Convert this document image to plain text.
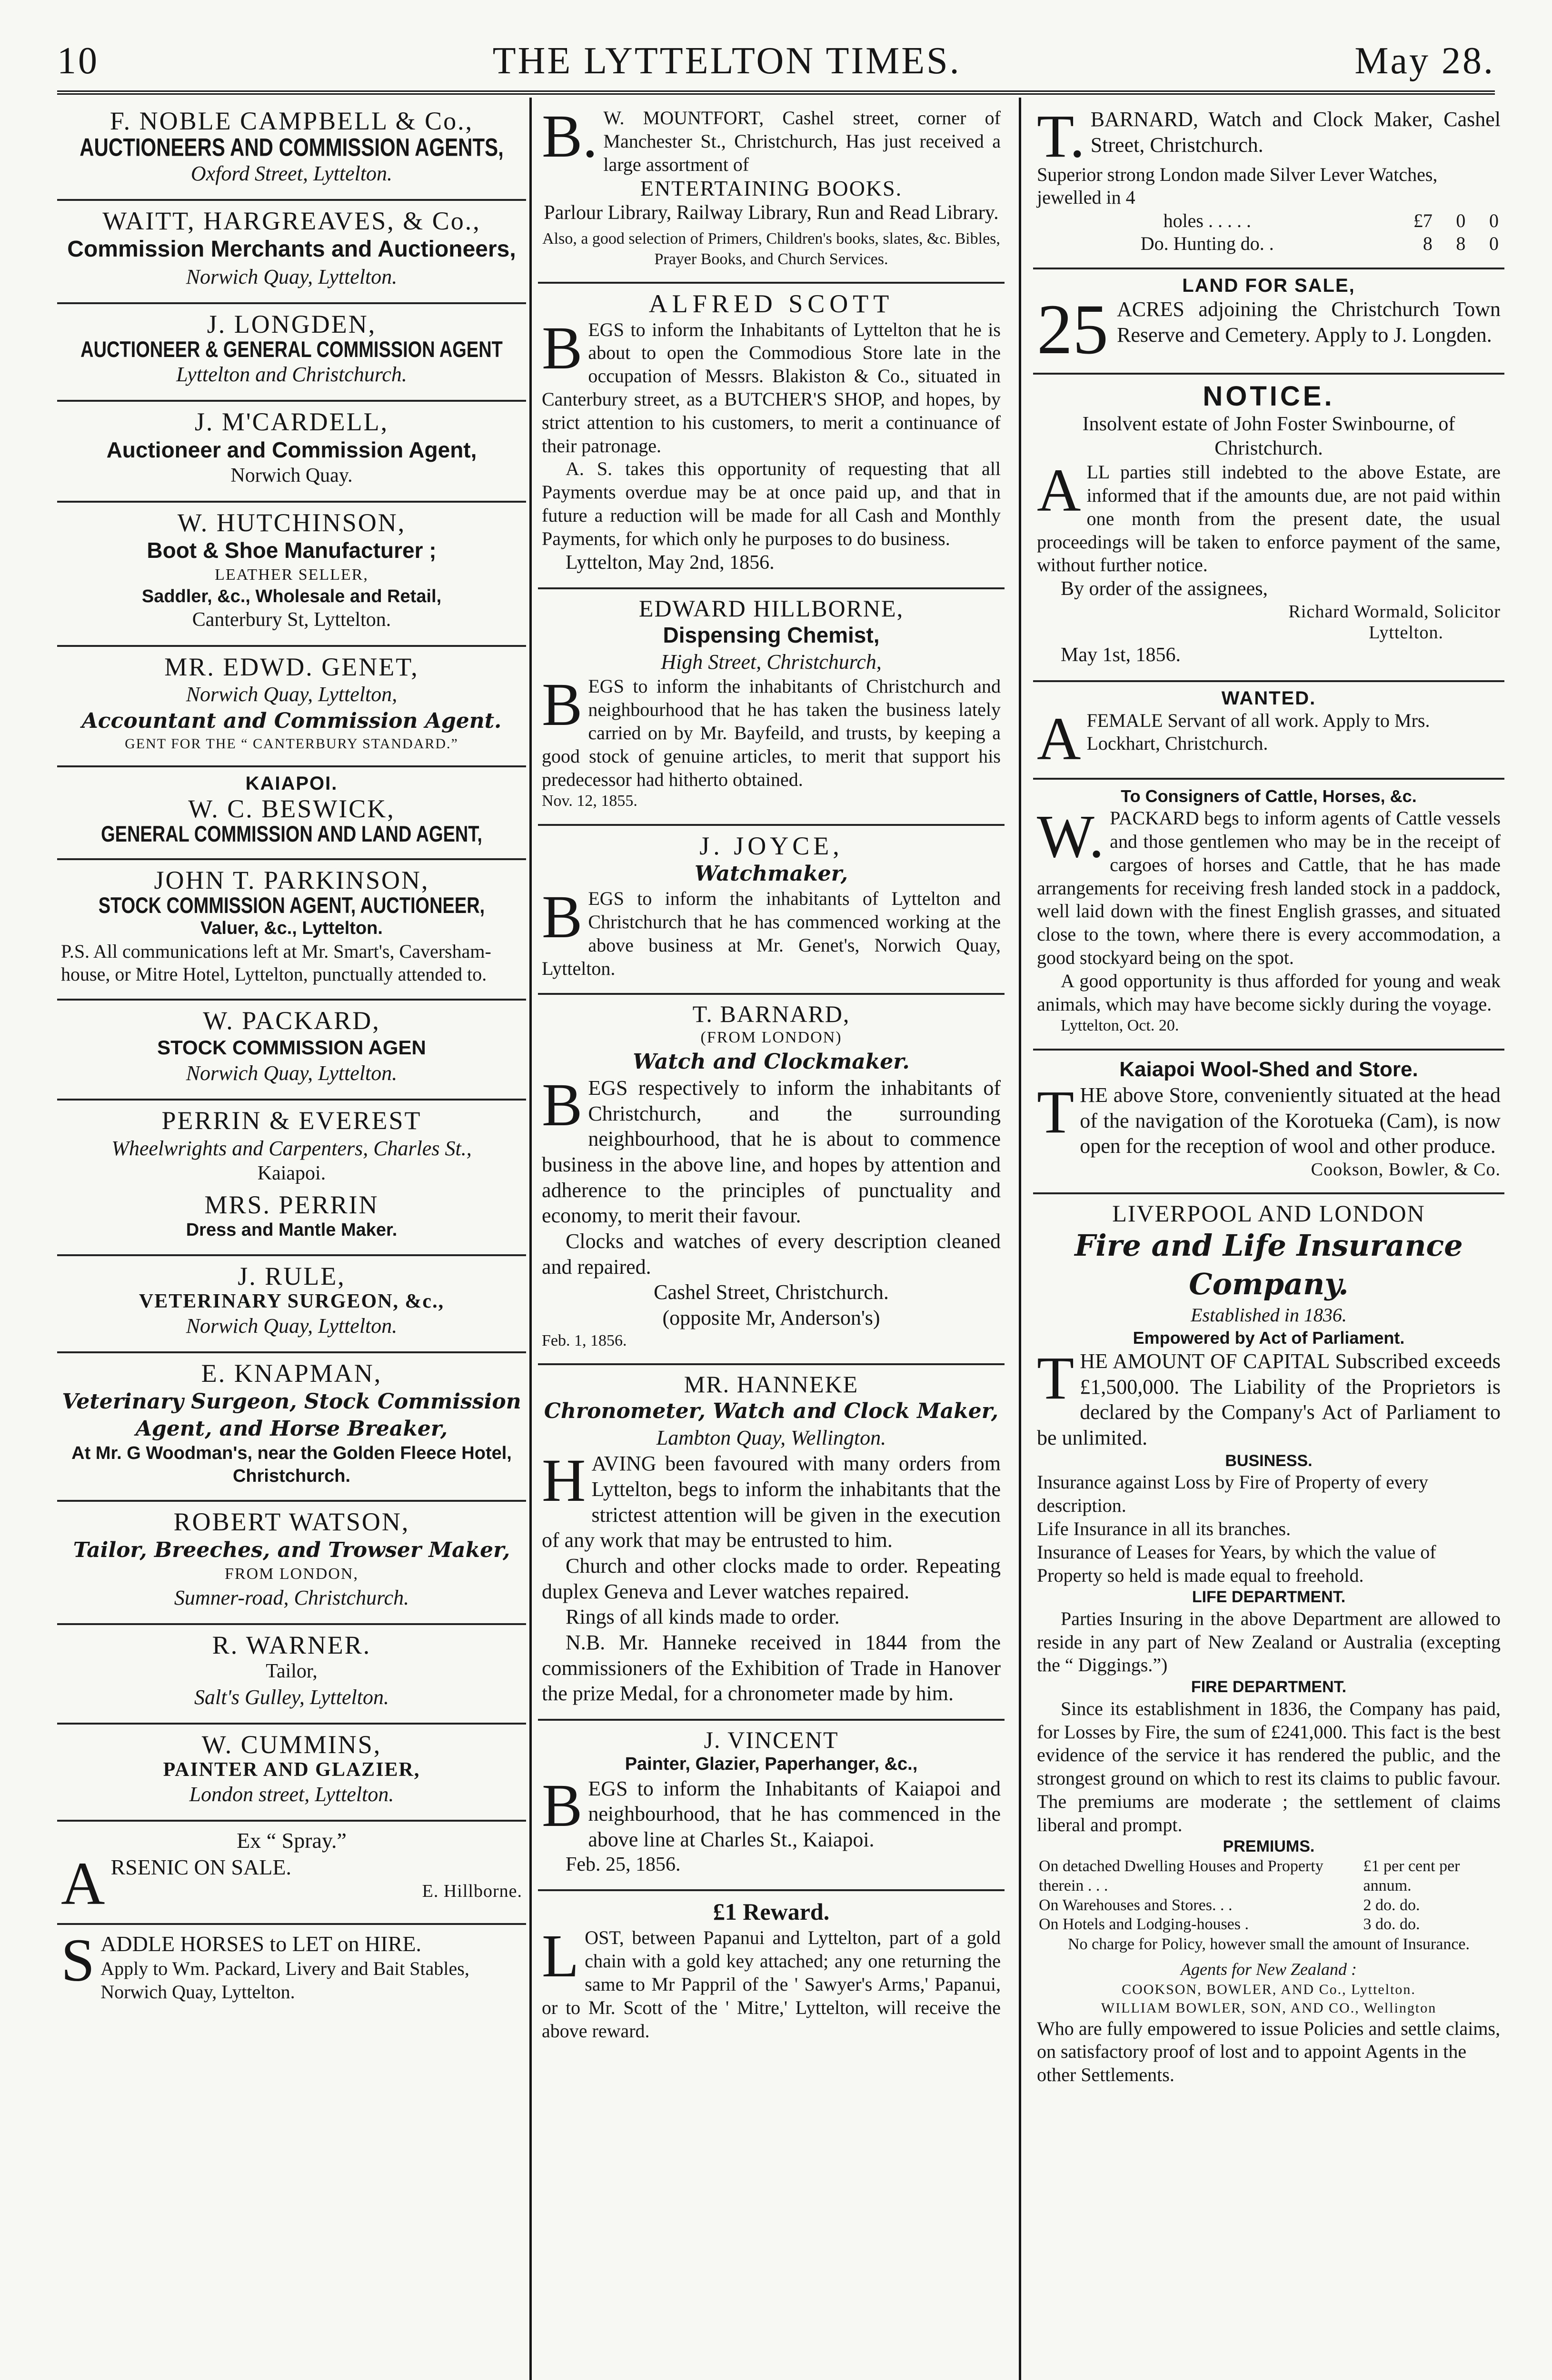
10	THE LYTTELTON TIMES.	May 28.
F. NOBLE CAMPBELL & Co.,
AUCTIONEERS AND COMMISSION AGENTS,
Oxford Street, Lyttelton.
WAITT, HARGREAVES, & Co.,
Commission Merchants and Auctioneers,
Norwich Quay, Lyttelton.
J. LONGDEN,
AUCTIONEER & GENERAL COMMISSION AGENT
Lyttelton and Christchurch.
J. M'CARDELL,
Auctioneer and Commission Agent,
Norwich Quay.
W. HUTCHINSON,
Boot & Shoe Manufacturer ;
LEATHER SELLER,
Saddler, &c., Wholesale and Retail,
Canterbury St, Lyttelton.
MR. EDWD. GENET,
Norwich Quay, Lyttelton,
Accountant and Commission Agent.
GENT FOR THE “ CANTERBURY STANDARD.”
KAIAPOI.
W. C. BESWICK,
GENERAL COMMISSION AND LAND AGENT,
JOHN T. PARKINSON,
STOCK COMMISSION AGENT, AUCTIONEER,
Valuer, &c., Lyttelton.
P.S. All communications left at Mr. Smart's, Caversham-house, or Mitre Hotel, Lyttelton, punctually attended to.
W. PACKARD,
STOCK COMMISSION AGEN
Norwich Quay, Lyttelton.
PERRIN & EVEREST
Wheelwrights and Carpenters, Charles St.,
Kaiapoi.
MRS. PERRIN
Dress and Mantle Maker.
J. RULE,
VETERINARY SURGEON, &c.,
Norwich Quay, Lyttelton.
E. KNAPMAN,
Veterinary Surgeon, Stock Commission Agent, and Horse Breaker,
At Mr. G Woodman's, near the Golden Fleece Hotel, Christchurch.
ROBERT WATSON,
Tailor, Breeches, and Trowser Maker,
FROM LONDON,
Sumner-road, Christchurch.
R. WARNER.
Tailor,
Salt's Gulley, Lyttelton.
W. CUMMINS,
PAINTER AND GLAZIER,
London street, Lyttelton.
Ex “ Spray.”
A RSENIC ON SALE.
E. Hillborne.
S ADDLE HORSES to LET on HIRE.
Apply to Wm. Packard, Livery and Bait Stables, Norwich Quay, Lyttelton.
B. W. MOUNTFORT, Cashel street, corner of Manchester St., Christchurch, Has just received a large assortment of
ENTERTAINING BOOKS.
Parlour Library, Railway Library, Run and Read Library.
Also, a good selection of Primers, Children's books, slates, &c. Bibles, Prayer Books, and Church Services.
ALFRED SCOTT
B EGS to inform the Inhabitants of Lyttelton that he is about to open the Commodious Store late in the occupation of Messrs. Blakiston & Co., situated in Canterbury street, as a BUTCHER'S SHOP, and hopes, by strict attention to his customers, to merit a continuance of their patronage.
A. S. takes this opportunity of requesting that all Payments overdue may be at once paid up, and that in future a reduction will be made for all Cash and Monthly Payments, for which only he purposes to do business.
Lyttelton, May 2nd, 1856.
EDWARD HILLBORNE,
Dispensing Chemist,
High Street, Christchurch,
B EGS to inform the inhabitants of Christchurch and neighbourhood that he has taken the business lately carried on by Mr. Bayfeild, and trusts, by keeping a good stock of genuine articles, to merit that support his predecessor had hitherto obtained.
Nov. 12, 1855.
J. JOYCE,
Watchmaker,
B EGS to inform the inhabitants of Lyttelton and Christchurch that he has commenced working at the above business at Mr. Genet's, Norwich Quay, Lyttelton.
T. BARNARD,
(FROM LONDON)
Watch and Clockmaker.
B EGS respectively to inform the inhabitants of Christchurch, and the surrounding neighbourhood, that he is about to commence business in the above line, and hopes by attention and adherence to the principles of punctuality and economy, to merit their favour.
Clocks and watches of every description cleaned and repaired.
Cashel Street, Christchurch.
(opposite Mr, Anderson's)
Feb. 1, 1856.
MR. HANNEKE
Chronometer, Watch and Clock Maker,
Lambton Quay, Wellington.
H AVING been favoured with many orders from Lyttelton, begs to inform the inhabitants that the strictest attention will be given in the execution of any work that may be entrusted to him.
Church and other clocks made to order. Repeating duplex Geneva and Lever watches repaired.
Rings of all kinds made to order.
N.B. Mr. Hanneke received in 1844 from the commissioners of the Exhibition of Trade in Hanover the prize Medal, for a chronometer made by him.
J. VINCENT
Painter, Glazier, Paperhanger, &c.,
B EGS to inform the Inhabitants of Kaiapoi and neighbourhood, that he has commenced in the above line at Charles St., Kaiapoi.
Feb. 25, 1856.
£1 Reward.
L OST, between Papanui and Lyttelton, part of a gold chain with a gold key attached; any one returning the same to Mr Pappril of the ' Sawyer's Arms,' Papanui, or to Mr. Scott of the ' Mitre,' Lyttelton, will receive the above reward.
T. BARNARD, Watch and Clock Maker, Cashel Street, Christchurch.
Superior strong London made Silver Lever Watches, jewelled in 4
holes . . . . .	£7	0	0
Do. Hunting do. .	8	8	0
LAND FOR SALE,
25 ACRES adjoining the Christchurch Town Reserve and Cemetery. Apply to J. Longden.
NOTICE.
Insolvent estate of John Foster Swinbourne, of Christchurch.
A LL parties still indebted to the above Estate, are informed that if the amounts due, are not paid within one month from the present date, the usual proceedings will be taken to enforce payment of the same, without further notice.
By order of the assignees,
Richard Wormald, Solicitor
Lyttelton.
May 1st, 1856.
WANTED.
A FEMALE Servant of all work. Apply to Mrs. Lockhart, Christchurch.
To Consigners of Cattle, Horses, &c.
W. PACKARD begs to inform agents of Cattle vessels and those gentlemen who may be in the receipt of cargoes of horses and Cattle, that he has made arrangements for receiving fresh landed stock in a paddock, well laid down with the finest English grasses, and situated close to the town, where there is every accommodation, a good stockyard being on the spot.
A good opportunity is thus afforded for young and weak animals, which may have become sickly during the voyage.
Lyttelton, Oct. 20.
Kaiapoi Wool-Shed and Store.
T HE above Store, conveniently situated at the head of the navigation of the Korotueka (Cam), is now open for the reception of wool and other produce.
Cookson, Bowler, & Co.
LIVERPOOL AND LONDON
Fire and Life Insurance Company.
Established in 1836.
Empowered by Act of Parliament.
T HE AMOUNT OF CAPITAL Subscribed exceeds £1,500,000. The Liability of the Proprietors is declared by the Company's Act of Parliament to be unlimited.
BUSINESS.
Insurance against Loss by Fire of Property of every description.
Life Insurance in all its branches.
Insurance of Leases for Years, by which the value of Property so held is made equal to freehold.
LIFE DEPARTMENT.
Parties Insuring in the above Department are allowed to reside in any part of New Zealand or Australia (excepting the “ Diggings.”)
FIRE DEPARTMENT.
Since its establishment in 1836, the Company has paid, for Losses by Fire, the sum of £241,000. This fact is the best evidence of the service it has rendered the public, and the strongest ground on which to rest its claims to public favour. The premiums are moderate ; the settlement of claims liberal and prompt.
PREMIUMS.
On detached Dwelling Houses and Property therein . . .	£1 per cent per annum.
On Warehouses and Stores. . .	2 do. do.
On Hotels and Lodging-houses .	3 do. do.
No charge for Policy, however small the amount of Insurance.
Agents for New Zealand :
COOKSON, BOWLER, AND Co., Lyttelton.
WILLIAM BOWLER, SON, AND CO., Wellington
Who are fully empowered to issue Policies and settle claims, on satisfactory proof of lost and to appoint Agents in the other Settlements.
